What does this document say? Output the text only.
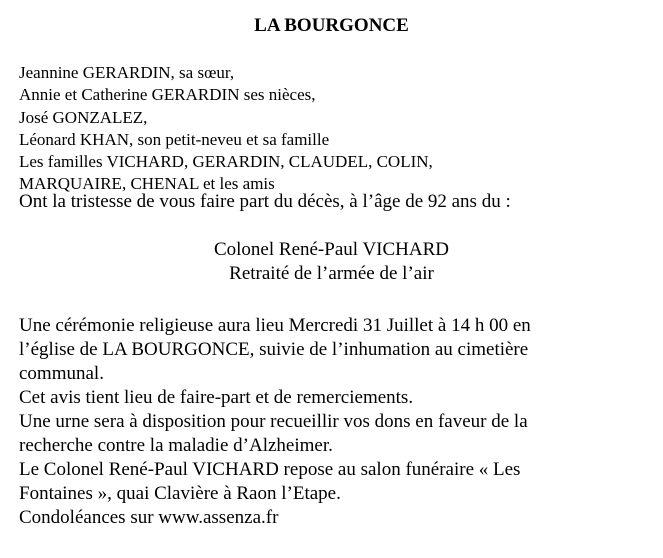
LA BOURGONCE
Jeannine GERARDIN, sa sœur,
Annie et Catherine GERARDIN ses nièces,
José GONZALEZ,
Léonard KHAN, son petit-neveu et sa famille
Les familles VICHARD, GERARDIN, CLAUDEL, COLIN,
MARQUAIRE, CHENAL et les amis
Ont la tristesse de vous faire part du décès, à l’âge de 92 ans du :
Colonel René-Paul VICHARD
Retraité de l’armée de l’air
Une cérémonie religieuse aura lieu Mercredi 31 Juillet à 14 h 00 en
l’église de LA BOURGONCE, suivie de l’inhumation au cimetière
communal.
Cet avis tient lieu de faire-part et de remerciements.
Une urne sera à disposition pour recueillir vos dons en faveur de la
recherche contre la maladie d’Alzheimer.
Le Colonel René-Paul VICHARD repose au salon funéraire « Les
Fontaines », quai Clavière à Raon l’Etape.
Condoléances sur www.assenza.fr
